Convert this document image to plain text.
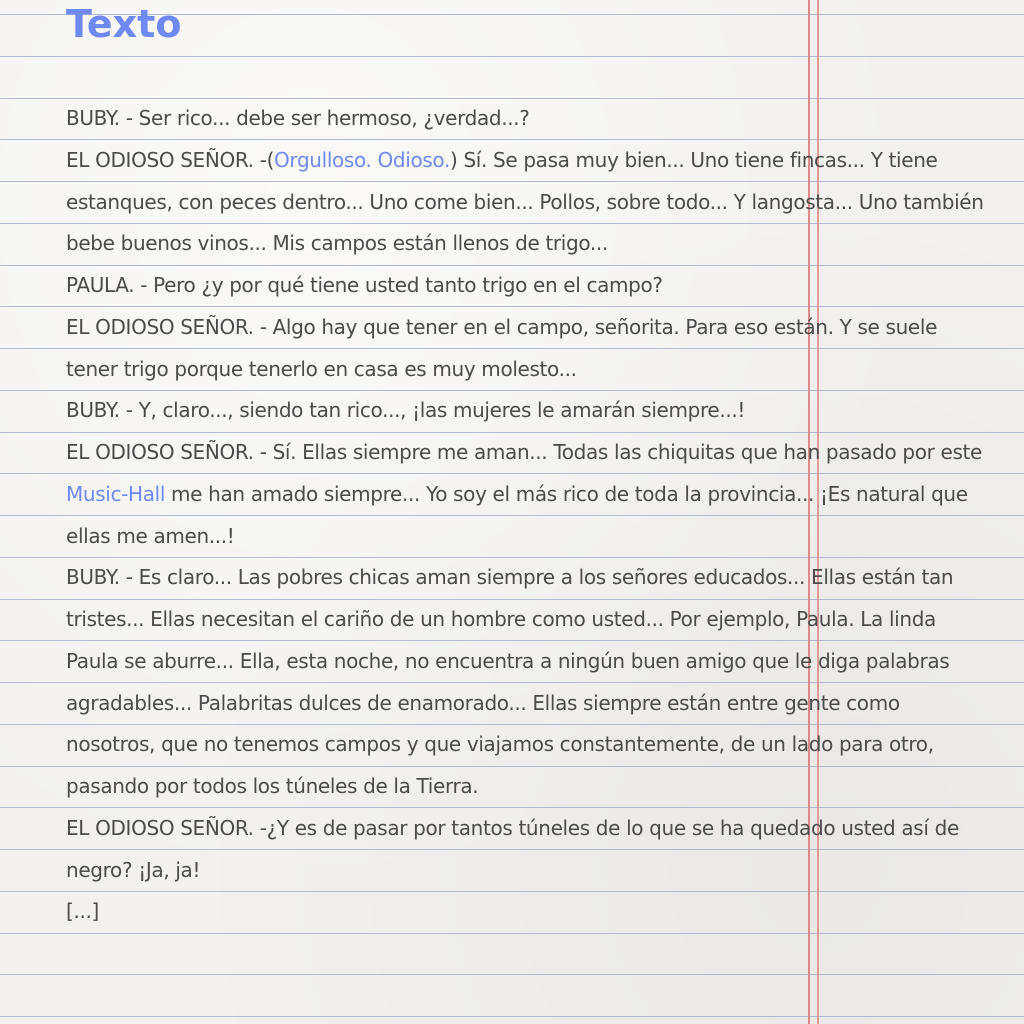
Texto

BUBY. - Ser rico... debe ser hermoso, ¿verdad...?

EL ODIOSO SEÑOR. -(Orgulloso. Odioso.) Sí. Se pasa muy bien... Uno tiene fincas... Y tiene estanques, con peces dentro... Uno come bien... Pollos, sobre todo... Y langosta... Uno también bebe buenos vinos... Mis campos están llenos de trigo...

PAULA. - Pero ¿y por qué tiene usted tanto trigo en el campo?

EL ODIOSO SEÑOR. - Algo hay que tener en el campo, señorita. Para eso están. Y se suele tener trigo porque tenerlo en casa es muy molesto...

BUBY. - Y, claro..., siendo tan rico..., ¡las mujeres le amarán siempre...!

EL ODIOSO SEÑOR. - Sí. Ellas siempre me aman... Todas las chiquitas que han pasado por este Music-Hall me han amado siempre... Yo soy el más rico de toda la provincia... ¡Es natural que ellas me amen...!

BUBY. - Es claro... Las pobres chicas aman siempre a los señores educados... Ellas están tan tristes... Ellas necesitan el cariño de un hombre como usted... Por ejemplo, Paula. La linda Paula se aburre... Ella, esta noche, no encuentra a ningún buen amigo que le diga palabras agradables... Palabritas dulces de enamorado... Ellas siempre están entre gente como nosotros, que no tenemos campos y que viajamos constantemente, de un lado para otro, pasando por todos los túneles de la Tierra.

EL ODIOSO SEÑOR. -¿Y es de pasar por tantos túneles de lo que se ha quedado usted así de negro? ¡Ja, ja!

[...]
